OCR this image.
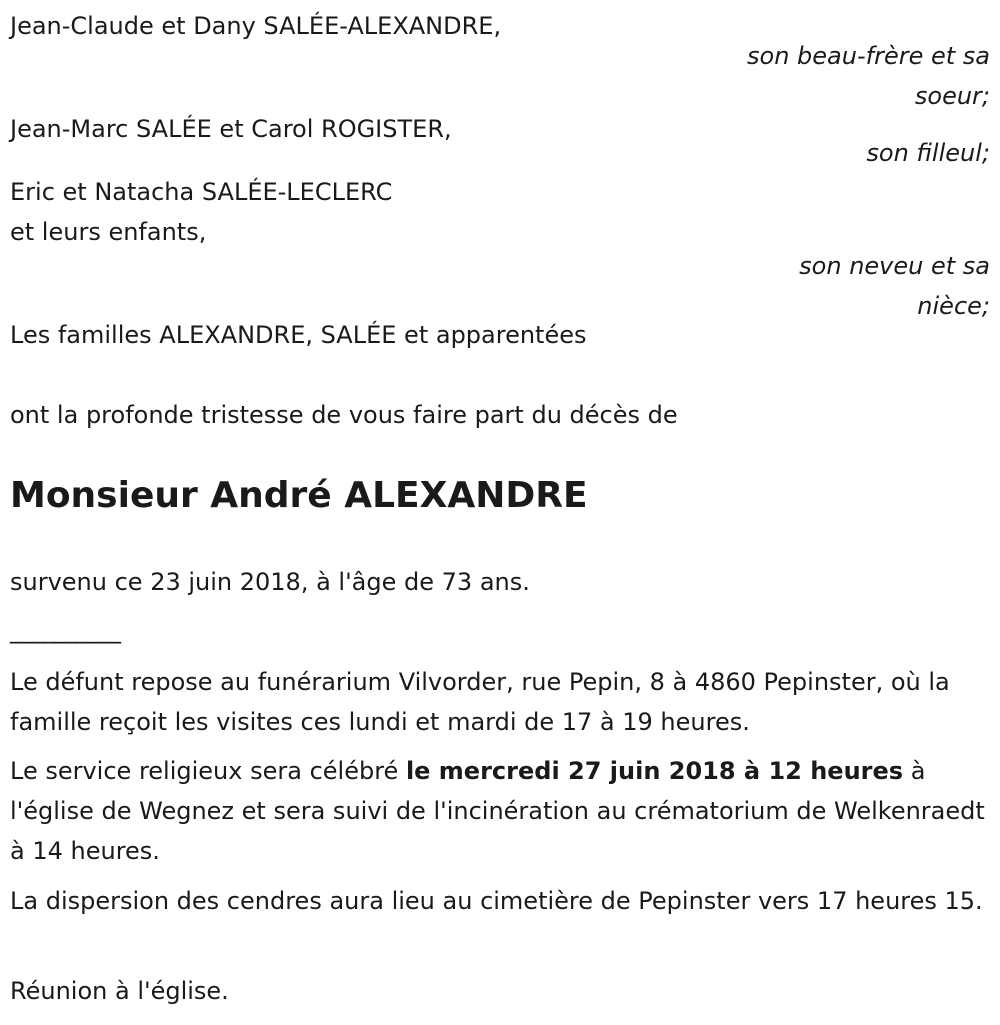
Jean-Claude et Dany SALÉE-ALEXANDRE,
son beau-frère et sa soeur;
Jean-Marc SALÉE et Carol ROGISTER,
son filleul;
Eric et Natacha SALÉE-LECLERC
et leurs enfants,
son neveu et sa nièce;
Les familles ALEXANDRE, SALÉE et apparentées
ont la profonde tristesse de vous faire part du décès de
Monsieur André ALEXANDRE
survenu ce 23 juin 2018, à l'âge de 73 ans.
__________
Le défunt repose au funérarium Vilvorder, rue Pepin, 8 à 4860 Pepinster, où la famille reçoit les visites ces lundi et mardi de 17 à 19 heures.
Le service religieux sera célébré le mercredi 27 juin 2018 à 12 heures à l'église de Wegnez et sera suivi de l'incinération au crématorium de Welkenraedt à 14 heures.
La dispersion des cendres aura lieu au cimetière de Pepinster vers 17 heures 15.
Réunion à l'église.
